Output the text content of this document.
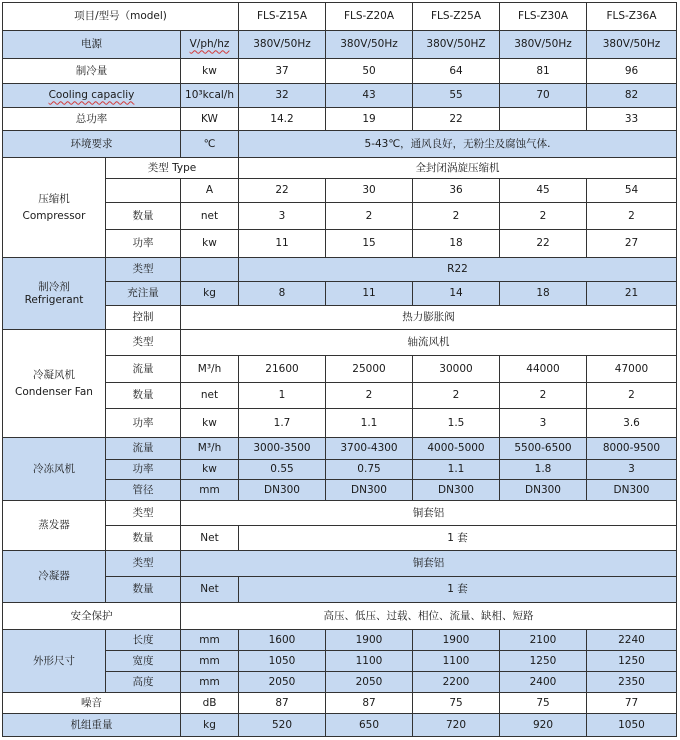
项目/型号（model)			FLS-Z15A	FLS-Z20A	FLS-Z25A	FLS-Z30A	FLS-Z36A
电源		V/ph/hz	380V/50Hz	380V/50Hz	380V/50HZ	380V/50Hz	380V/50Hz
制冷量		kw	37	50	64	81	96
Cooling capacliy		10³kcal/h	32	43	55	70	82
总功率		KW	14.2	19	22		33
环境要求		℃	5-43℃，通风良好，无粉尘及腐蚀气体.				

压缩机
Compressor	类型 Type		全封闭涡旋压缩机				
		A	22	30	36	45	54
	数量	net	3	2	2	2	2
	功率	kw	11	15	18	22	27

制冷剂
Refrigerant	类型		R22				
	充注量	kg	8	11	14	18	21
	控制	热力膨胀阀					

冷凝风机
Condenser Fan	类型	轴流风机					
	流量	M³/h	21600	25000	30000	44000	47000
	数量	net	1	2	2	2	2
	功率	kw	1.7	1.1	1.5	3	3.6
冷冻风机	流量	M³/h	3000-3500	3700-4300	4000-5000	5500-6500	8000-9500
	功率	kw	0.55	0.75	1.1	1.8	3
	管径	mm	DN300	DN300	DN300	DN300	DN300
蒸发器	类型	铜套铝					
	数量	Net	1 套				
冷凝器	类型	铜套铝					
	数量	Net	1 套				
安全保护		高压、低压、过载、相位、流量、缺相、短路					
外形尺寸	长度	mm	1600	1900	1900	2100	2240
	宽度	mm	1050	1100	1100	1250	1250
	高度	mm	2050	2050	2200	2400	2350
噪音		dB	87	87	75	75	77
机组重量		kg	520	650	720	920	1050
